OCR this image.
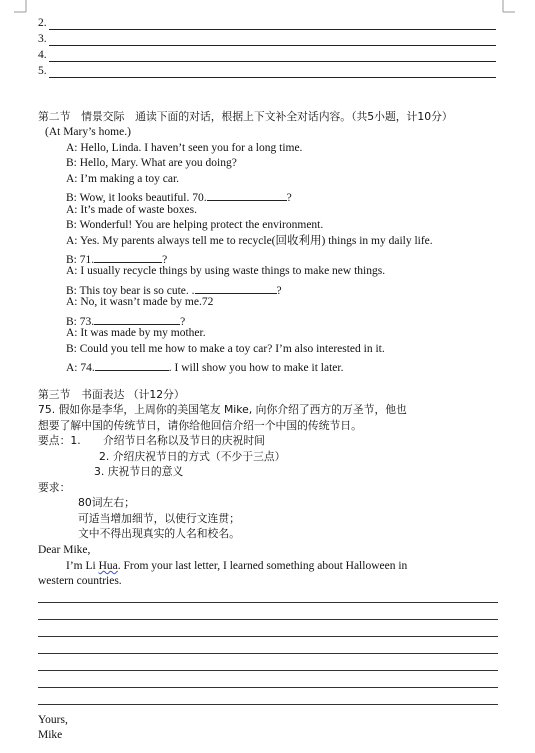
2.
3.
4.
5.
第二节　情景交际　通读下面的对话，根据上下文补全对话内容。（共5小题，计10分）
(At Mary’s home.)
A: Hello, Linda. I haven’t seen you for a long time.
B: Hello, Mary. What are you doing?
A: I’m making a toy car.
B: Wow, it looks beautiful. 70.	?
A: It’s made of waste boxes.
B: Wonderful! You are helping protect the environment.
A: Yes. My parents always tell me to recycle(回收利用) things in my daily life.
B: 71.	?
A: I usually recycle things by using waste things to make new things.
B: This toy bear is so cute. .	?
A: No, it wasn’t made by me.72
B: 73.	?
A: It was made by my mother.
B: Could you tell me how to make a toy car? I’m also interested in it.
A: 74.	. I will show you how to make it later.
第三节　书面表达 （计12分）
75. 假如你是李华，上周你的美国笔友 Mike, 向你介绍了西方的万圣节，他也
想要了解中国的传统节日，请你给他回信介绍一个中国的传统节日。
要点：1. 介绍节日名称以及节日的庆祝时间
2. 介绍庆祝节日的方式（不少于三点）
3. 庆祝节日的意义
要求：
80词左右；
可适当增加细节，以使行文连贯；
文中不得出现真实的人名和校名。
Dear Mike,
I’m Li Hua. From your last letter, I learned something about Halloween in
western countries.
Yours,
Mike
